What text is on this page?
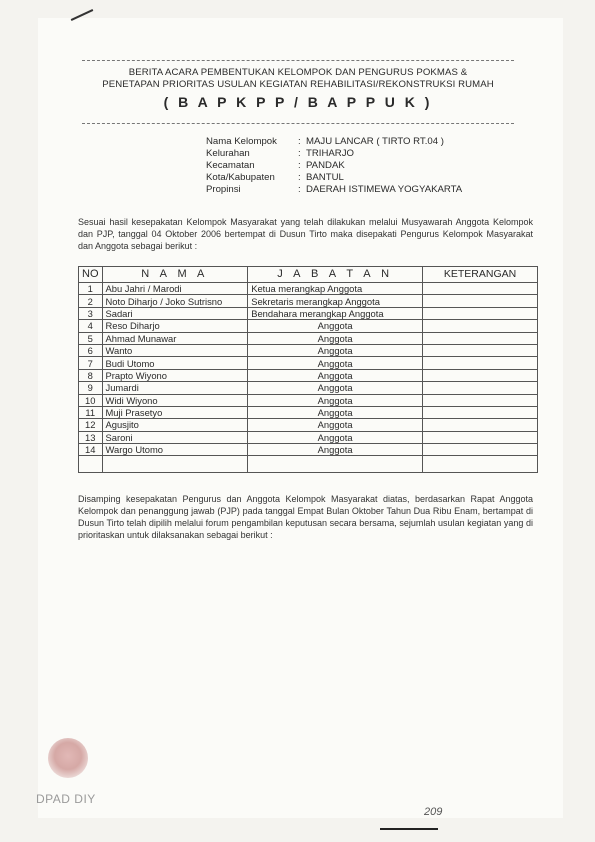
BERITA ACARA PEMBENTUKAN KELOMPOK DAN PENGURUS POKMAS &
PENETAPAN PRIORITAS USULAN KEGIATAN REHABILITASI/REKONSTRUKSI RUMAH
( B A P K P P / B A P P U K )
Nama Kelompok	: MAJU LANCAR ( TIRTO RT.04 )
Kelurahan	: TRIHARJO
Kecamatan	: PANDAK
Kota/Kabupaten	: BANTUL
Propinsi	: DAERAH ISTIMEWA YOGYAKARTA
Sesuai hasil kesepakatan Kelompok Masyarakat yang telah dilakukan melalui Musyawarah Anggota Kelompok dan PJP, tanggal 04 Oktober 2006 bertempat di Dusun Tirto maka disepakati Pengurus Kelompok Masyarakat dan Anggota sebagai berikut :
NO	N A M A	J A B A T A N	KETERANGAN
1	Abu Jahri / Marodi	Ketua merangkap Anggota	
2	Noto Diharjo / Joko Sutrisno	Sekretaris merangkap Anggota	
3	Sadari	Bendahara merangkap Anggota	
4	Reso Diharjo	Anggota	
5	Ahmad Munawar	Anggota	
6	Wanto	Anggota	
7	Budi Utomo	Anggota	
8	Prapto Wiyono	Anggota	
9	Jumardi	Anggota	
10	Widi Wiyono	Anggota	
11	Muji Prasetyo	Anggota	
12	Agusjito	Anggota	
13	Saroni	Anggota	
14	Wargo Utomo	Anggota	

Disamping kesepakatan Pengurus dan Anggota Kelompok Masyarakat diatas, berdasarkan Rapat Anggota Kelompok dan penanggung jawab (PJP) pada tanggal Empat Bulan Oktober Tahun Dua Ribu Enam, bertampat di Dusun Tirto telah dipilih melalui forum pengambilan keputusan secara bersama, sejumlah usulan kegiatan yang di prioritaskan untuk dilaksanakan sebagai berikut :
DPAD DIY
209
